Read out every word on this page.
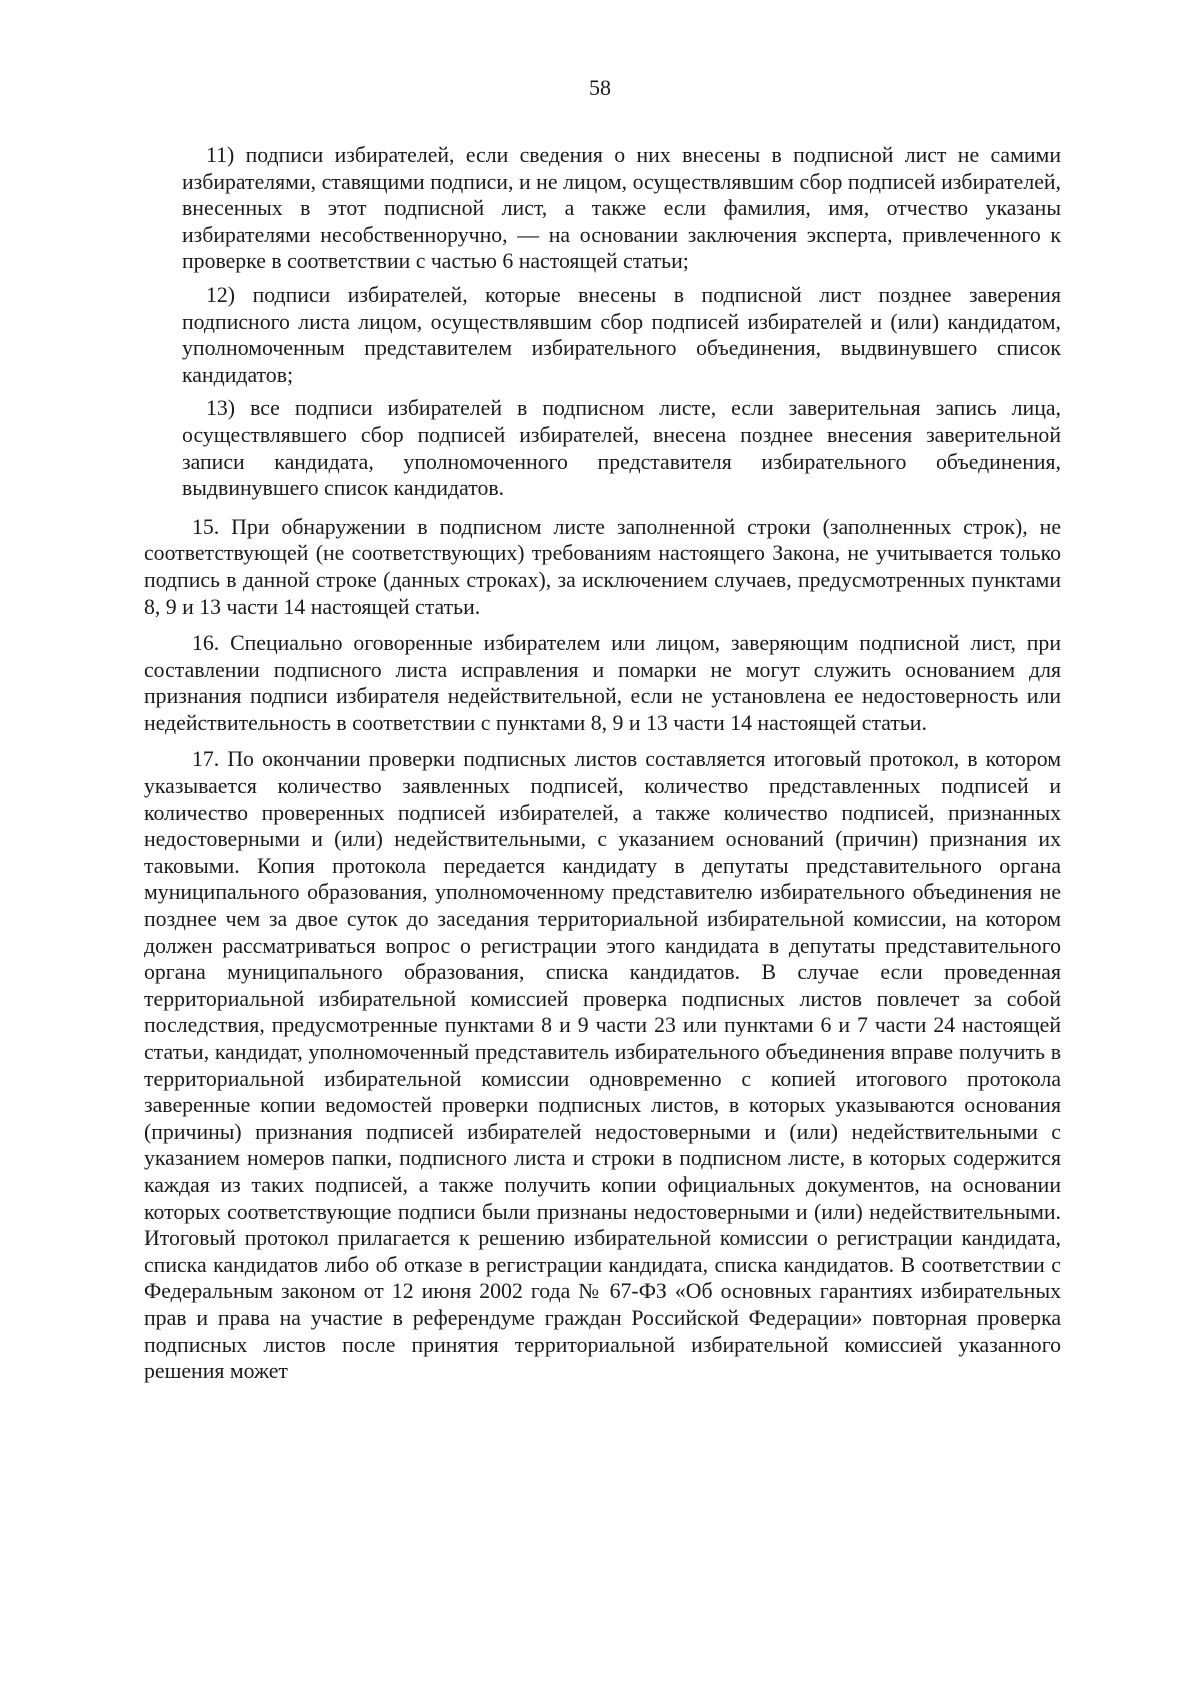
58

11) подписи избирателей, если сведения о них внесены в подписной лист не самими избирателями, ставящими подписи, и не лицом, осуществлявшим сбор подписей избирателей, внесенных в этот подписной лист, а также если фамилия, имя, отчество указаны избирателями несобственноручно, — на основании заключения эксперта, привлеченного к проверке в соответствии с частью 6 настоящей статьи;

12) подписи избирателей, которые внесены в подписной лист позднее заверения подписного листа лицом, осуществлявшим сбор подписей избирателей и (или) кандидатом, уполномоченным представителем избирательного объединения, выдвинувшего список кандидатов;

13) все подписи избирателей в подписном листе, если заверительная запись лица, осуществлявшего сбор подписей избирателей, внесена позднее внесения заверительной записи кандидата, уполномоченного представителя избирательного объединения, выдвинувшего список кандидатов.

15. При обнаружении в подписном листе заполненной строки (заполненных строк), не соответствующей (не соответствующих) требованиям настоящего Закона, не учитывается только подпись в данной строке (данных строках), за исключением случаев, предусмотренных пунктами 8, 9 и 13 части 14 настоящей статьи.

16. Специально оговоренные избирателем или лицом, заверяющим подписной лист, при составлении подписного листа исправления и помарки не могут служить основанием для признания подписи избирателя недействительной, если не установлена ее недостоверность или недействительность в соответствии с пунктами 8, 9 и 13 части 14 настоящей статьи.

17. По окончании проверки подписных листов составляется итоговый протокол, в котором указывается количество заявленных подписей, количество представленных подписей и количество проверенных подписей избирателей, а также количество подписей, признанных недостоверными и (или) недействительными, с указанием оснований (причин) признания их таковыми. Копия протокола передается кандидату в депутаты представительного органа муниципального образования, уполномоченному представителю избирательного объединения не позднее чем за двое суток до заседания территориальной избирательной комиссии, на котором должен рассматриваться вопрос о регистрации этого кандидата в депутаты представительного органа муниципального образования, списка кандидатов. В случае если проведенная территориальной избирательной комиссией проверка подписных листов повлечет за собой последствия, предусмотренные пунктами 8 и 9 части 23 или пунктами 6 и 7 части 24 настоящей статьи, кандидат, уполномоченный представитель избирательного объединения вправе получить в территориальной избирательной комиссии одновременно с копией итогового протокола заверенные копии ведомостей проверки подписных листов, в которых указываются основания (причины) признания подписей избирателей недостоверными и (или) недействительными с указанием номеров папки, подписного листа и строки в подписном листе, в которых содержится каждая из таких подписей, а также получить копии официальных документов, на основании которых соответствующие подписи были признаны недостоверными и (или) недействительными. Итоговый протокол прилагается к решению избирательной комиссии о регистрации кандидата, списка кандидатов либо об отказе в регистрации кандидата, списка кандидатов. В соответствии с Федеральным законом от 12 июня 2002 года № 67-ФЗ «Об основных гарантиях избирательных прав и права на участие в референдуме граждан Российской Федерации» повторная проверка подписных листов после принятия территориальной избирательной комиссией указанного решения может
